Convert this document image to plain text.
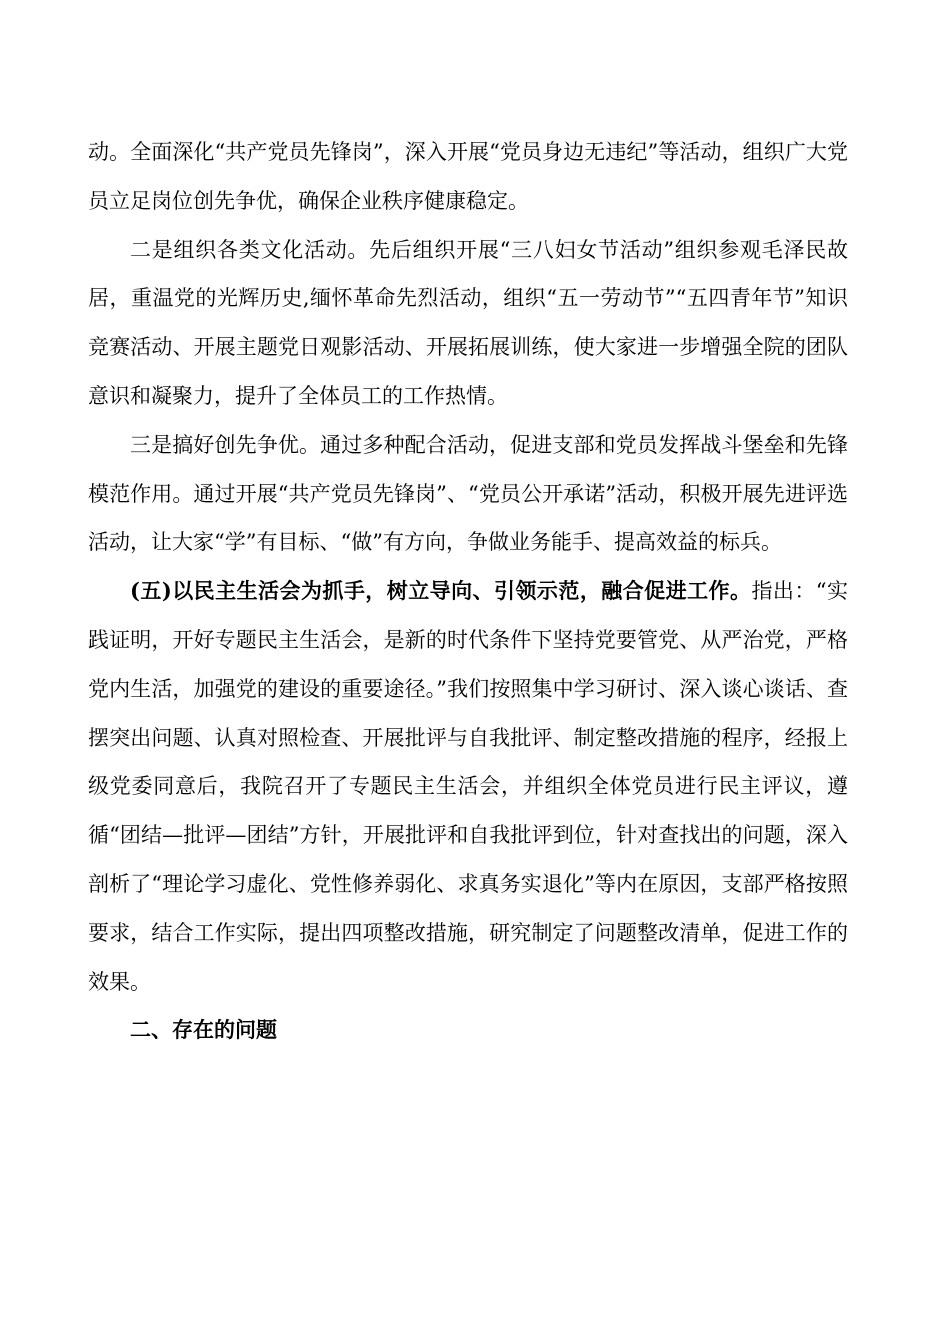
动。全面深化“共产党员先锋岗”，深入开展“党员身边无违纪”等活动，组织广大党员立足岗位创先争优，确保企业秩序健康稳定。

二是组织各类文化活动。先后组织开展“三八妇女节活动”组织参观毛泽民故居，重温党的光辉历史,缅怀革命先烈活动，组织“五一劳动节”“五四青年节”知识竞赛活动、开展主题党日观影活动、开展拓展训练，使大家进一步增强全院的团队意识和凝聚力，提升了全体员工的工作热情。

三是搞好创先争优。通过多种配合活动，促进支部和党员发挥战斗堡垒和先锋模范作用。通过开展“共产党员先锋岗”、“党员公开承诺”活动，积极开展先进评选活动，让大家“学”有目标、“做”有方向，争做业务能手、提高效益的标兵。

(五)以民主生活会为抓手，树立导向、引领示范，融合促进工作。指出：“实践证明，开好专题民主生活会，是新的时代条件下坚持党要管党、从严治党，严格党内生活，加强党的建设的重要途径。”我们按照集中学习研讨、深入谈心谈话、查摆突出问题、认真对照检查、开展批评与自我批评、制定整改措施的程序，经报上级党委同意后，我院召开了专题民主生活会，并组织全体党员进行民主评议，遵循“团结—批评—团结”方针，开展批评和自我批评到位，针对查找出的问题，深入剖析了“理论学习虚化、党性修养弱化、求真务实退化”等内在原因，支部严格按照要求，结合工作实际，提出四项整改措施，研究制定了问题整改清单，促进工作的效果。

二、存在的问题
